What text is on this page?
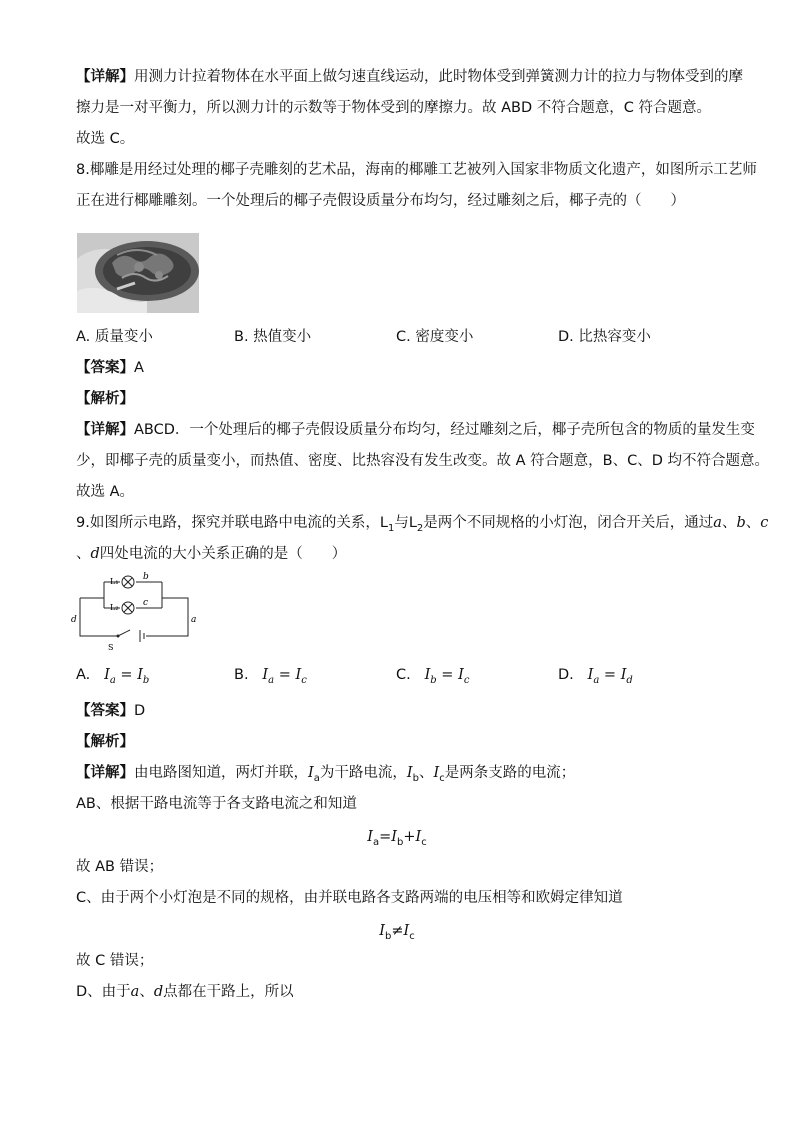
【详解】用测力计拉着物体在水平面上做匀速直线运动，此时物体受到弹簧测力计的拉力与物体受到的摩
擦力是一对平衡力，所以测力计的示数等于物体受到的摩擦力。故 ABD 不符合题意，C 符合题意。
故选 C。
8.椰雕是用经过处理的椰子壳雕刻的艺术品，海南的椰雕工艺被列入国家非物质文化遗产，如图所示工艺师
正在进行椰雕雕刻。一个处理后的椰子壳假设质量分布均匀，经过雕刻之后，椰子壳的（　　）
A. 质量变小	B. 热值变小	C. 密度变小	D. 比热容变小
【答案】A
【解析】
【详解】ABCD．一个处理后的椰子壳假设质量分布均匀，经过雕刻之后，椰子壳所包含的物质的量发生变
少，即椰子壳的质量变小，而热值、密度、比热容没有发生改变。故 A 符合题意，B、C、D 均不符合题意。
故选 A。
9.如图所示电路，探究并联电路中电流的关系，$L_1$与$L_2$是两个不同规格的小灯泡，闭合开关后，通过a、b、c
、d四处电流的大小关系正确的是（　　）
L₁
L₂
b
c
a
d
S
A. $I_a = I_b$	B. $I_a = I_c$	C. $I_b = I_c$	D. $I_a = I_d$
【答案】D
【解析】
【详解】由电路图知道，两灯并联，$I_a$为干路电流，$I_b$、$I_c$是两条支路的电流；
AB、根据干路电流等于各支路电流之和知道
$I_a=I_b+I_c$
故 AB 错误；
C、由于两个小灯泡是不同的规格，由并联电路各支路两端的电压相等和欧姆定律知道
$I_b\ne I_c$
故 C 错误；
D、由于a、d点都在干路上，所以
